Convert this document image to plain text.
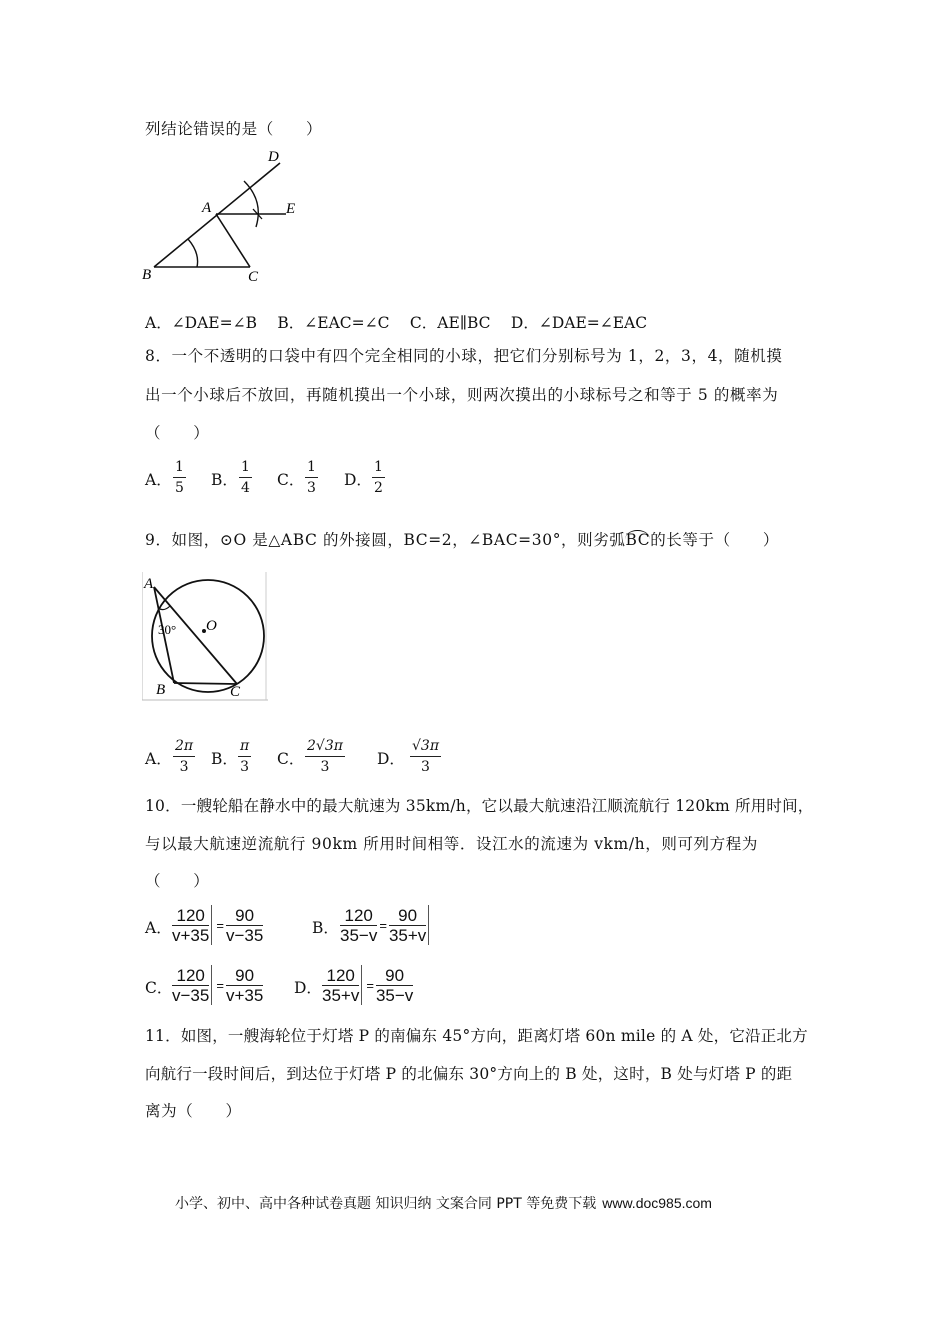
列结论错误的是（　　）
D
A	E
B	C
A．∠DAE=∠B　 B．∠EAC=∠C　 C．AE∥BC　 D．∠DAE=∠EAC
8．一个不透明的口袋中有四个完全相同的小球，把它们分别标号为 1，2，3，4，随机摸
出一个小球后不放回，再随机摸出一个小球，则两次摸出的小球标号之和等于 5 的概率为
（　　）
A．
1
5 B．
1
4 C．
1
3 D．
1
2
9．如图，⊙O 是△ABC 的外接圆，BC=2，∠BAC=30°，则劣弧BC的长等于（　　）
A
30° O
B	C
A．
2π
3 B．
π
3 C．
2√3π
3	D．
√3π
3
10．一艘轮船在静水中的最大航速为 35km/h，它以最大航速沿江顺流航行 120km 所用时间，
与以最大航速逆流航行 90km 所用时间相等．设江水的流速为 vkm/h，则可列方程为
（　　）
A．
120
v+35
=
90
v−35	B．
120
35−v
=
90
35+v
C．
120
v−35
=
90
v+35 D．
120
35+v
=
90
35−v
11．如图，一艘海轮位于灯塔 P 的南偏东 45°方向，距离灯塔 60n mile 的 A 处，它沿正北方
向航行一段时间后，到达位于灯塔 P 的北偏东 30°方向上的 B 处，这时，B 处与灯塔 P 的距
离为（　　）
小学、初中、高中各种试卷真题 知识归纳 文案合同 PPT 等免费下载 www.doc985.com
